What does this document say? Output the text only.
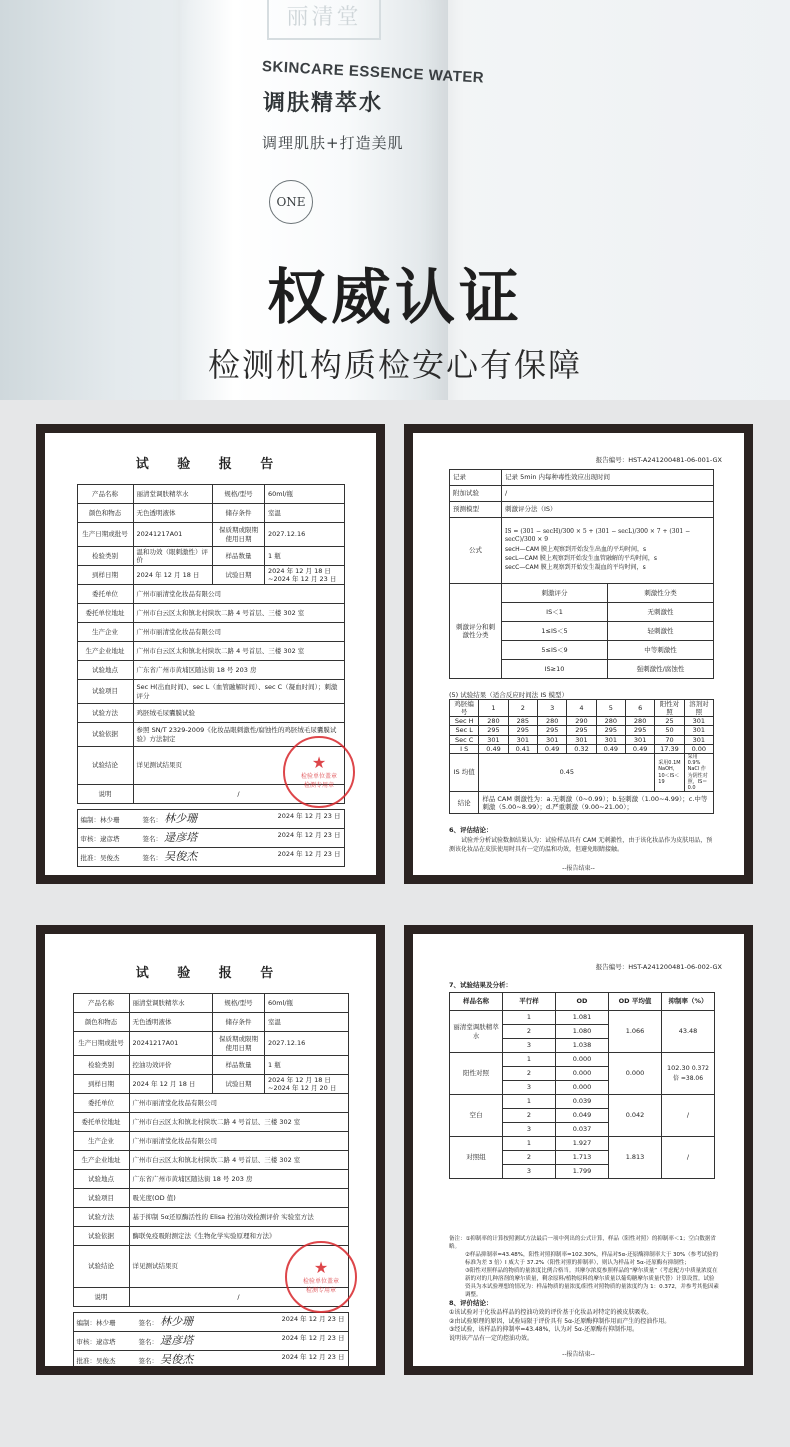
丽清堂
SKINCARE ESSENCE WATER
调肤精萃水
调理肌肤+打造美肌
ONE
权威认证
检测机构质检安心有保障
试 验 报 告
产品名称	丽清堂调肤精萃水	规格/型号	60ml/瓶
颜色和物态	无色透明液体	储存条件	室温
生产日期或批号	20241217A01	保质期或限期使用日期	2027.12.16
检验类别	温和功效（眼刺激性）评价	样品数量	1 瓶
到样日期	2024 年 12 月 18 日	试验日期	2024 年 12 月 18 日 ~2024 年 12 月 23 日
委托单位	广州市丽清堂化妆品有限公司		
委托单位地址	广州市白云区太和镇北村陕坎二路 4 号首层、三楼 302 室		
生产企业	广州市丽清堂化妆品有限公司		
生产企业地址	广州市白云区太和镇北村陕坎二路 4 号首层、三楼 302 室		
试验地点	广东省广州市黄埔区随达街 18 号 203 房		
试验项目	Sec H(出血时间)、sec L（血管融解时间）、sec C（凝血时间）；刺激评分		
试验方法	鸡胚绒毛尿囊膜试验		
试验依据	参照 SN/T 2329-2009《化妆品眼刺激性/腐蚀性的鸡胚绒毛尿囊膜试验》方法制定		
试验结论	详见测试结果页		
说明	/		

编制：林少珊 签名： 林少珊 2024 年 12 月 23 日			

审核：逮彦塔 签名： 逯彦塔 2024 年 12 月 23 日			

批准：吴俊杰 签名： 吴俊杰 2024 年 12 月 23 日			
★
检验单位盖章
检测专用章
报告编号：HST-A241200481-06-001-GX
记录	记录 5min 内每种毒性效应出现时间	
附加试验	/	
预测模型	刺激评分法（IS）	
公式	IS = (301 − secH)/300 × 5 + (301 − secL)/300 × 7 + (301 − secC)/300 × 9
secH—CAM 膜上观察到开始发生出血的平均时间，s
secL—CAM 膜上观察到开始发生血管融解的平均时间，s
secC—CAM 膜上观察到开始发生凝血的平均时间，s	

刺激评分和刺激性分类	刺激评分	刺激性分类
	IS＜1	无刺激性
	1≤IS＜5	轻刺激性
	5≤IS＜9	中等刺激性
	IS≥10	强刺激性/腐蚀性
(5) 试验结果（适合反应时间法 IS 模型）
鸡胚编号	1	2	3	4	5	6	阳性对照	溶剂对照
Sec H	280	285	280	290	280	280	25	301
Sec L	295	295	295	295	295	295	50	301
Sec C	301	301	301	301	301	301	70	301
I S	0.49	0.41	0.49	0.32	0.49	0.49	17.39	0.00
IS 均值	0.45						采用0.1M NaOH，10＜IS＜19	采用 0.9% NaCl 作为阴性对照，IS＝ 0.0
结论	样品 CAM 刺激性为：a.无刺激（0~0.99）；b.轻刺激（1.00~4.99）；c.中等刺激（5.00~8.99）；d.严重刺激（9.00~21.00）；							
6、评估结论：
试验并分析试验数据结果认为：试验样品具有 CAM 无刺激性，由于该化妆品作为皮肤用品，预测该化妆品在皮肤使用时具有一定的温和功效，但避免眼睛接触。
--报告结束--
试 验 报 告
产品名称	丽清堂调肤精萃水	规格/型号	60ml/瓶
颜色和物态	无色透明液体	储存条件	室温
生产日期或批号	20241217A01	保质期或限期使用日期	2027.12.16
检验类别	控油功效评价	样品数量	1 瓶
到样日期	2024 年 12 月 18 日	试验日期	2024 年 12 月 18 日 ~2024 年 12 月 20 日
委托单位	广州市丽清堂化妆品有限公司		
委托单位地址	广州市白云区太和镇北村陕坎二路 4 号首层、三楼 302 室		
生产企业	广州市丽清堂化妆品有限公司		
生产企业地址	广州市白云区太和镇北村陕坎二路 4 号首层、三楼 302 室		
试验地点	广东省广州市黄埔区随达街 18 号 203 房		
试验项目	吸光度(OD 值)		
试验方法	基于抑制 5α还原酶活性的 Elisa 控油功效检测评价 实验室方法		
试验依据	酶联免疫吸附测定法《生物化学实验原理和方法》		
试验结论	详见测试结果页		
说明	/		

编制：林少珊 签名： 林少珊 2024 年 12 月 23 日			

审核：逮彦塔 签名： 逯彦塔 2024 年 12 月 23 日			

批准：吴俊杰 签名： 吴俊杰 2024 年 12 月 23 日			
★
检验单位盖章
检测专用章
报告编号：HST-A241200481-06-002-GX
7、试验结果及分析：
样品名称	平行样	OD	OD 平均值	抑制率（%）
丽清堂调肤精萃水	1	1.081	1.066	43.48
	2	1.080		
	3	1.038		
阳性对照	1	0.000	0.000	102.30 0.372 倍 =38.06
	2	0.000		
	3	0.000		
空白	1	0.039	0.042	/
	2	0.049		
	3	0.037		
对照组	1	1.927	1.813	/
	2	1.713		
	3	1.799		
备注：①抑制率的计算按照测试方法最后一项中列出的公式计算，样品（阳性对照）的抑制率＜1；空白数据省略。
②样品抑制率=43.48%，阳性对照抑制率=102.30%，样品对5α-还原酶抑制率大于 30%（参考试验的标准为差 3 倍）Ⅰ 威大于 37.2%（阳性对照的抑制率），则认为样品对 5α-还原酶有抑制性；
③阳性对照样品的物质的量浓度比例合格当。其摩尔浓度参照样品的“摩尔质量”（考虑配方中质量浓度在新的对的几种溶剂的摩尔质量，剩余原料/植物原料的摩尔质量以葡萄糖摩尔质量代替）计算设置。试验资具为本试验理想的情况为：样品物质的量浓度/阳性对照物质的量浓度约为 1：0.372，并参考其他因素调整。
8、评价结论：
①该试验对于化妆品样品的控油功效的评价基于化妆品对特定的被皮肤吸收。
②由试验原理的原因，试验局限于评价具有 5α-还原酶抑制作用而产生的控油作用。
③经试验，该样品的抑制率=43.48%，认为对 5α-还原酶有抑制作用。
说明该产品有一定的控油功效。
--报告结束--
